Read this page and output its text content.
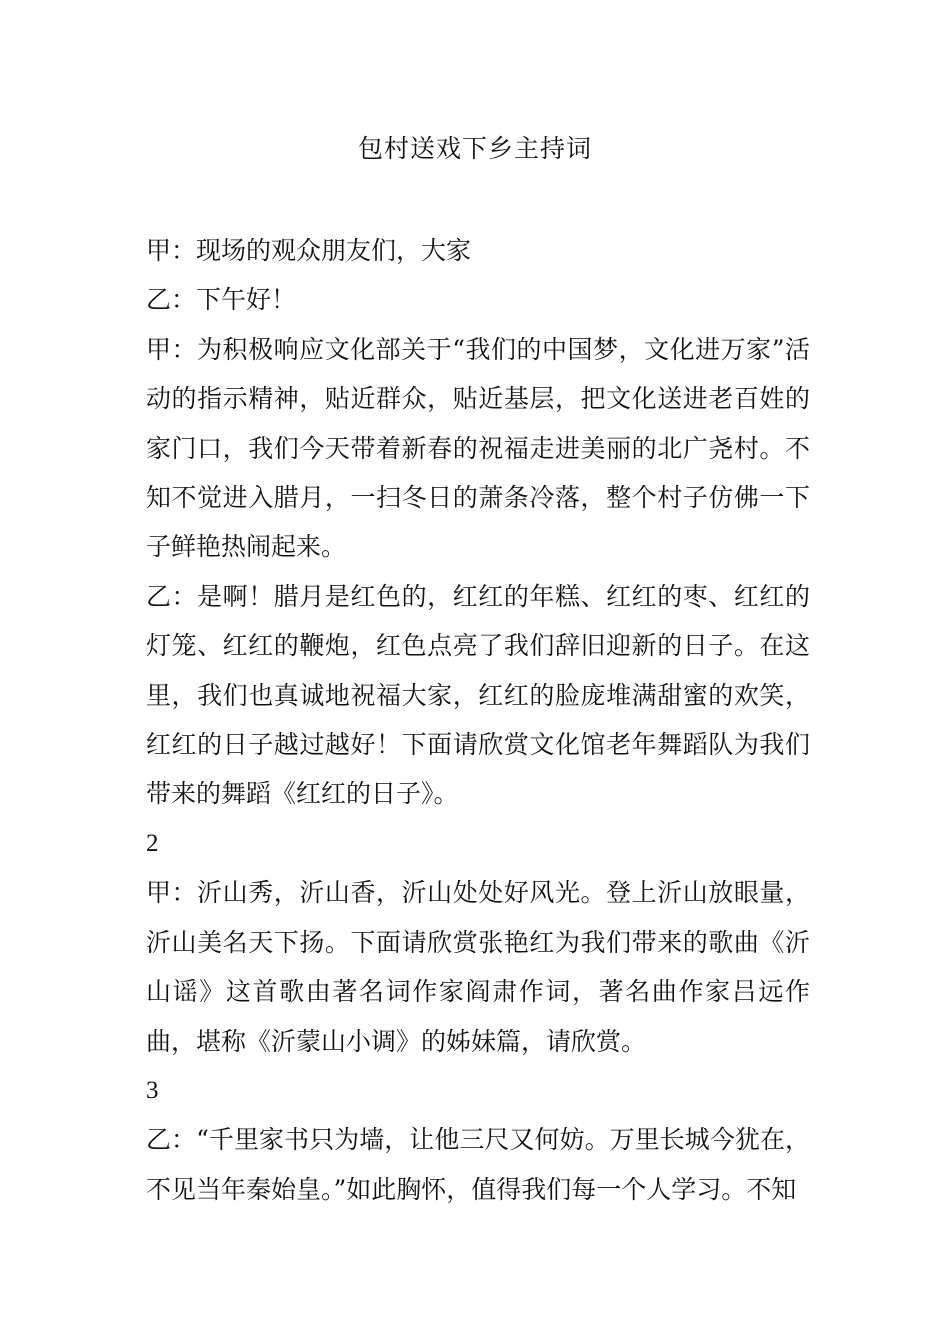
包村送戏下乡主持词

甲：现场的观众朋友们，大家

乙：下午好！

甲：为积极响应文化部关于“我们的中国梦，文化进万家”活动的指示精神，贴近群众，贴近基层，把文化送进老百姓的家门口，我们今天带着新春的祝福走进美丽的北广尧村。不知不觉进入腊月，一扫冬日的萧条冷落，整个村子仿佛一下子鲜艳热闹起来。

乙：是啊！腊月是红色的，红红的年糕、红红的枣、红红的灯笼、红红的鞭炮，红色点亮了我们辞旧迎新的日子。在这里，我们也真诚地祝福大家，红红的脸庞堆满甜蜜的欢笑，红红的日子越过越好！下面请欣赏文化馆老年舞蹈队为我们带来的舞蹈《红红的日子》。

2

甲：沂山秀，沂山香，沂山处处好风光。登上沂山放眼量，沂山美名天下扬。下面请欣赏张艳红为我们带来的歌曲《沂山谣》这首歌由著名词作家阎肃作词，著名曲作家吕远作曲，堪称《沂蒙山小调》的姊妹篇，请欣赏。

3

乙：“千里家书只为墙，让他三尺又何妨。万里长城今犹在，不见当年秦始皇。”如此胸怀，值得我们每一个人学习。不知
